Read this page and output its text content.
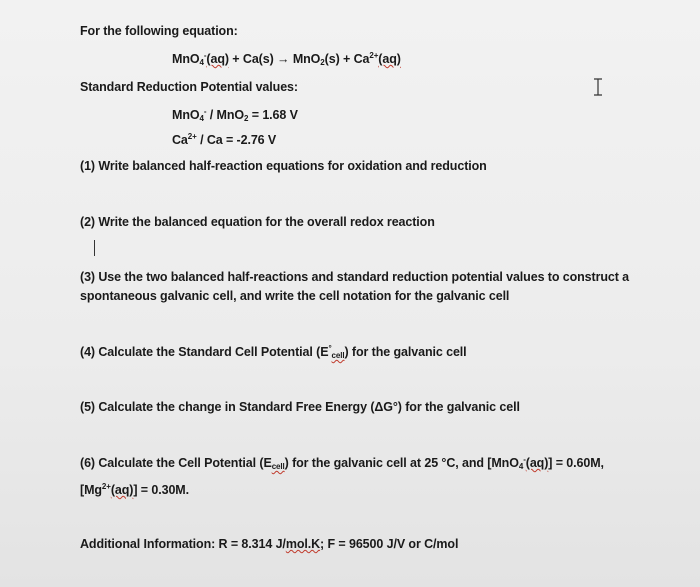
For the following equation:
$MnO_4^-(aq) + Ca(s) \to MnO_2(s) + Ca^{2+}(aq)$
Standard Reduction Potential values:
MnO$_4$- / MnO$_2$ = 1.68 V
$Ca^{2+} / Ca = -2.76$ V
(1) Write balanced half-reaction equations for oxidation and reduction
(2) Write the balanced equation for the overall redox reaction
(3) Use the two balanced half-reactions and standard reduction potential values to construct a
spontaneous galvanic cell, and write the cell notation for the galvanic cell
(4) Calculate the Standard Cell Potential $(E^\circ_{cell})$ for the galvanic cell
(5) Calculate the change in Standard Free Energy (ΔG°) for the galvanic cell
(6) Calculate the Cell Potential $(E_{cell})$ for the galvanic cell at 25 °C, and [MnO$_4$-(aq)] = 0.60M,
$[Mg^{2+}(aq)] = 0.30M$.
Additional Information: R = 8.314 J/mol.K; F = 96500 J/V or C/mol
